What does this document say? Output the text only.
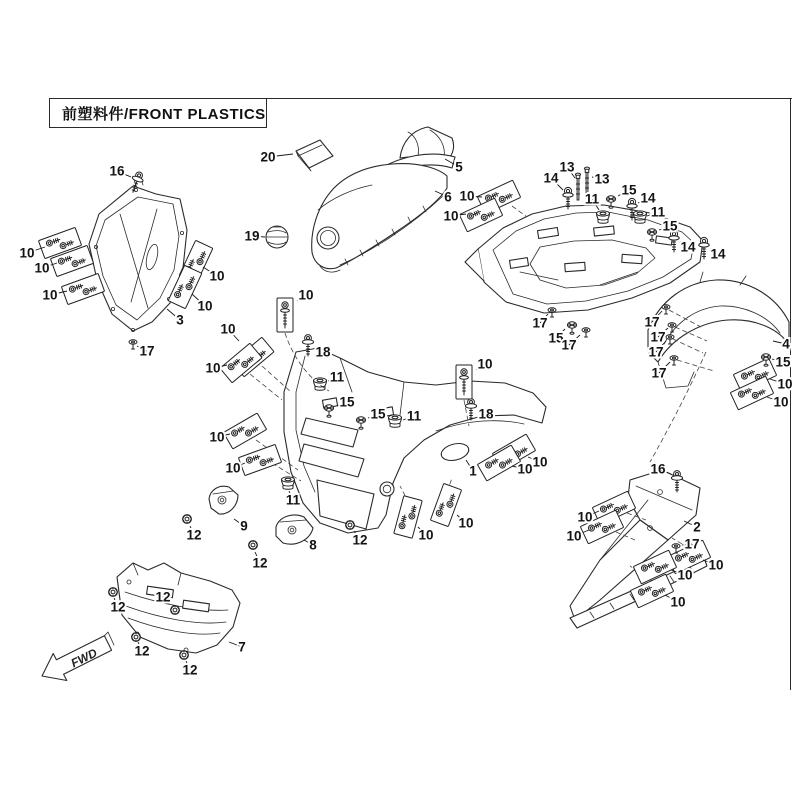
前塑料件/FRONT PLASTICS
16
10
10
10
10
10
17
3
20
19
5
6 10
10
14
13
13
11
15
14
11
15
14 14
17
15
17
17
17
17
17
4
15
10
10
16
2
17
10
10
10
10
10
10
18
11
15
15 11
10
18
10
10
10
10
11
12
12
12
9
8
1
10
10
10
10
12
12
12
12
7
FWD
